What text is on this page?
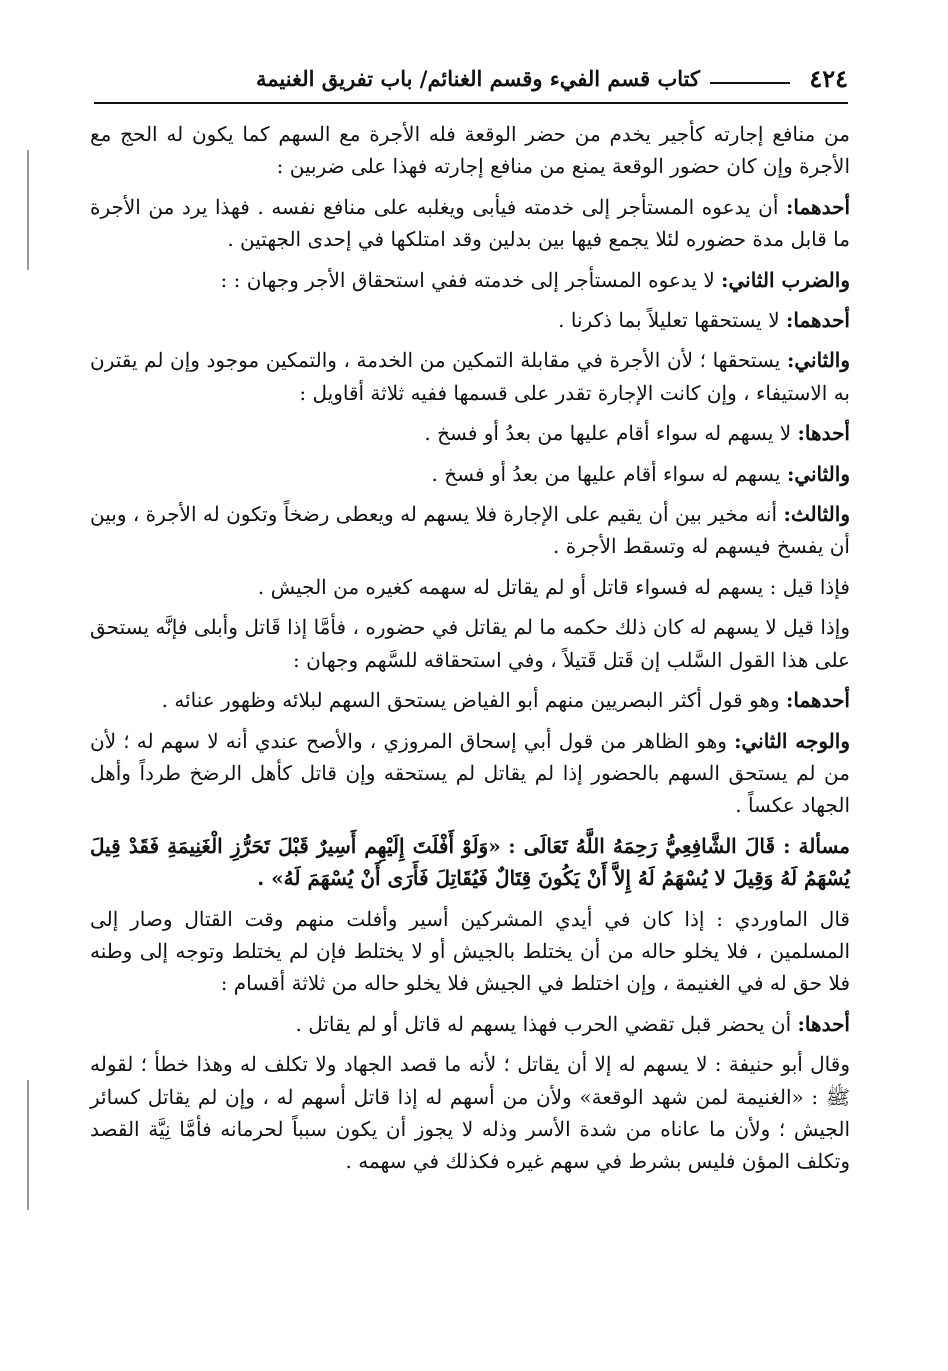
٤٢٤
كتاب قسم الفيء وقسم الغنائم/ باب تفريق الغنيمة

من منافع إجارته كأجير يخدم من حضر الوقعة فله الأجرة مع السهم كما يكون له الحج مع الأجرة وإن كان حضور الوقعة يمنع من منافع إجارته فهذا على ضربين :

أحدهما: أن يدعوه المستأجر إلى خدمته فيأبى ويغلبه على منافع نفسه . فهذا يرد من الأجرة ما قابل مدة حضوره لئلا يجمع فيها بين بدلين وقد امتلكها في إحدى الجهتين .

والضرب الثاني: لا يدعوه المستأجر إلى خدمته ففي استحقاق الأجر وجهان : :

أحدهما: لا يستحقها تعليلاً بما ذكرنا .

والثاني: يستحقها ؛ لأن الأجرة في مقابلة التمكين من الخدمة ، والتمكين موجود وإن لم يقترن به الاستيفاء ، وإن كانت الإجارة تقدر على قسمها ففيه ثلاثة أقاويل :

أحدها: لا يسهم له سواء أقام عليها من بعدُ أو فسخ .

والثاني: يسهم له سواء أقام عليها من بعدُ أو فسخ .

والثالث: أنه مخير بين أن يقيم على الإجارة فلا يسهم له ويعطى رضخاً وتكون له الأجرة ، وبين أن يفسخ فيسهم له وتسقط الأجرة .

فإذا قيل : يسهم له فسواء قاتل أو لم يقاتل له سهمه كغيره من الجيش .

وإذا قيل لا يسهم له كان ذلك حكمه ما لم يقاتل في حضوره ، فأمَّا إذا قَاتل وأبلى فإنَّه يستحق على هذا القول السَّلب إن قَتل قَتيلاً ، وفي استحقاقه للسَّهم وجهان :

أحدهما: وهو قول أكثر البصريين منهم أبو الفياض يستحق السهم لبلائه وظهور عنائه .

والوجه الثاني: وهو الظاهر من قول أبي إسحاق المروزي ، والأصح عندي أنه لا سهم له ؛ لأن من لم يستحق السهم بالحضور إذا لم يقاتل لم يستحقه وإن قاتل كأهل الرضخ طرداً وأهل الجهاد عكساً .

مسألة : قَالَ الشَّافِعِيُّ رَحِمَهُ اللَّهُ تَعَالَى : «وَلَوْ أَفْلَتَ إِلَيْهِم أَسِيرٌ قَبْلَ تَحَرُّزِ الْغَنِيمَةِ فَقَدْ قِيلَ يُسْهَمُ لَهُ وَقِيلَ لا يُسْهَمُ لَهُ إِلاَّ أَنْ يَكُونَ قِتَالٌ فَيُقَاتِلَ فَأَرَى أَنْ يُسْهَمَ لَهُ» .

قال الماوردي : إذا كان في أيدي المشركين أسير وأفلت منهم وقت القتال وصار إلى المسلمين ، فلا يخلو حاله من أن يختلط بالجيش أو لا يختلط فإن لم يختلط وتوجه إلى وطنه فلا حق له في الغنيمة ، وإن اختلط في الجيش فلا يخلو حاله من ثلاثة أقسام :

أحدها: أن يحضر قبل تقضي الحرب فهذا يسهم له قاتل أو لم يقاتل .

وقال أبو حنيفة : لا يسهم له إلا أن يقاتل ؛ لأنه ما قصد الجهاد ولا تكلف له وهذا خطأ ؛ لقوله ﷺ : «الغنيمة لمن شهد الوقعة» ولأن من أسهم له إذا قاتل أسهم له ، وإن لم يقاتل كسائر الجيش ؛ ولأن ما عاناه من شدة الأسر وذله لا يجوز أن يكون سبباً لحرمانه فأمَّا نِيَّة القصد وتكلف المؤن فليس بشرط في سهم غيره فكذلك في سهمه .
